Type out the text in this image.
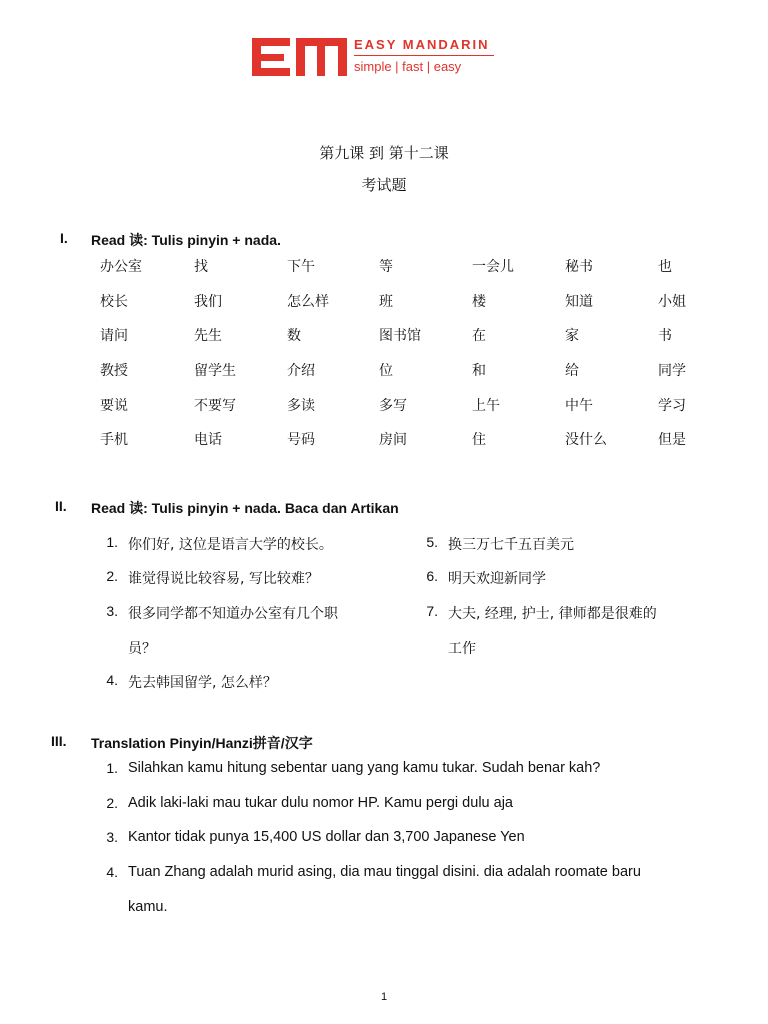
EASY MANDARIN
simple | fast | easy
第九课 到 第十二课
考试题
I. Read 读: Tulis pinyin + nada.
办公室	找	下午	等	一会儿	秘书	也
校长	我们	怎么样	班	楼	知道	小姐
请问	先生	数	图书馆	在	家	书
教授	留学生	介绍	位	和	给	同学
要说	不要写	多读	多写	上午	中午	学习
手机	电话	号码	房间	住	没什么	但是
II. Read 读: Tulis pinyin + nada. Baca dan Artikan
1. 你们好, 这位是语言大学的校长。
2. 谁觉得说比较容易, 写比较难？
3. 很多同学都不知道办公室有几个职
员？
4. 先去韩国留学, 怎么样？
5. 换三万七千五百美元
6. 明天欢迎新同学
7. 大夫, 经理, 护士, 律师都是很难的
工作
III. Translation Pinyin/Hanzi拼音/汉字
1. Silahkan kamu hitung sebentar uang yang kamu tukar. Sudah benar kah?
2. Adik laki-laki mau tukar dulu nomor HP. Kamu pergi dulu aja
3. Kantor tidak punya 15,400 US dollar dan 3,700 Japanese Yen
4. Tuan Zhang adalah murid asing, dia mau tinggal disini. dia adalah roomate baru
kamu.
1
